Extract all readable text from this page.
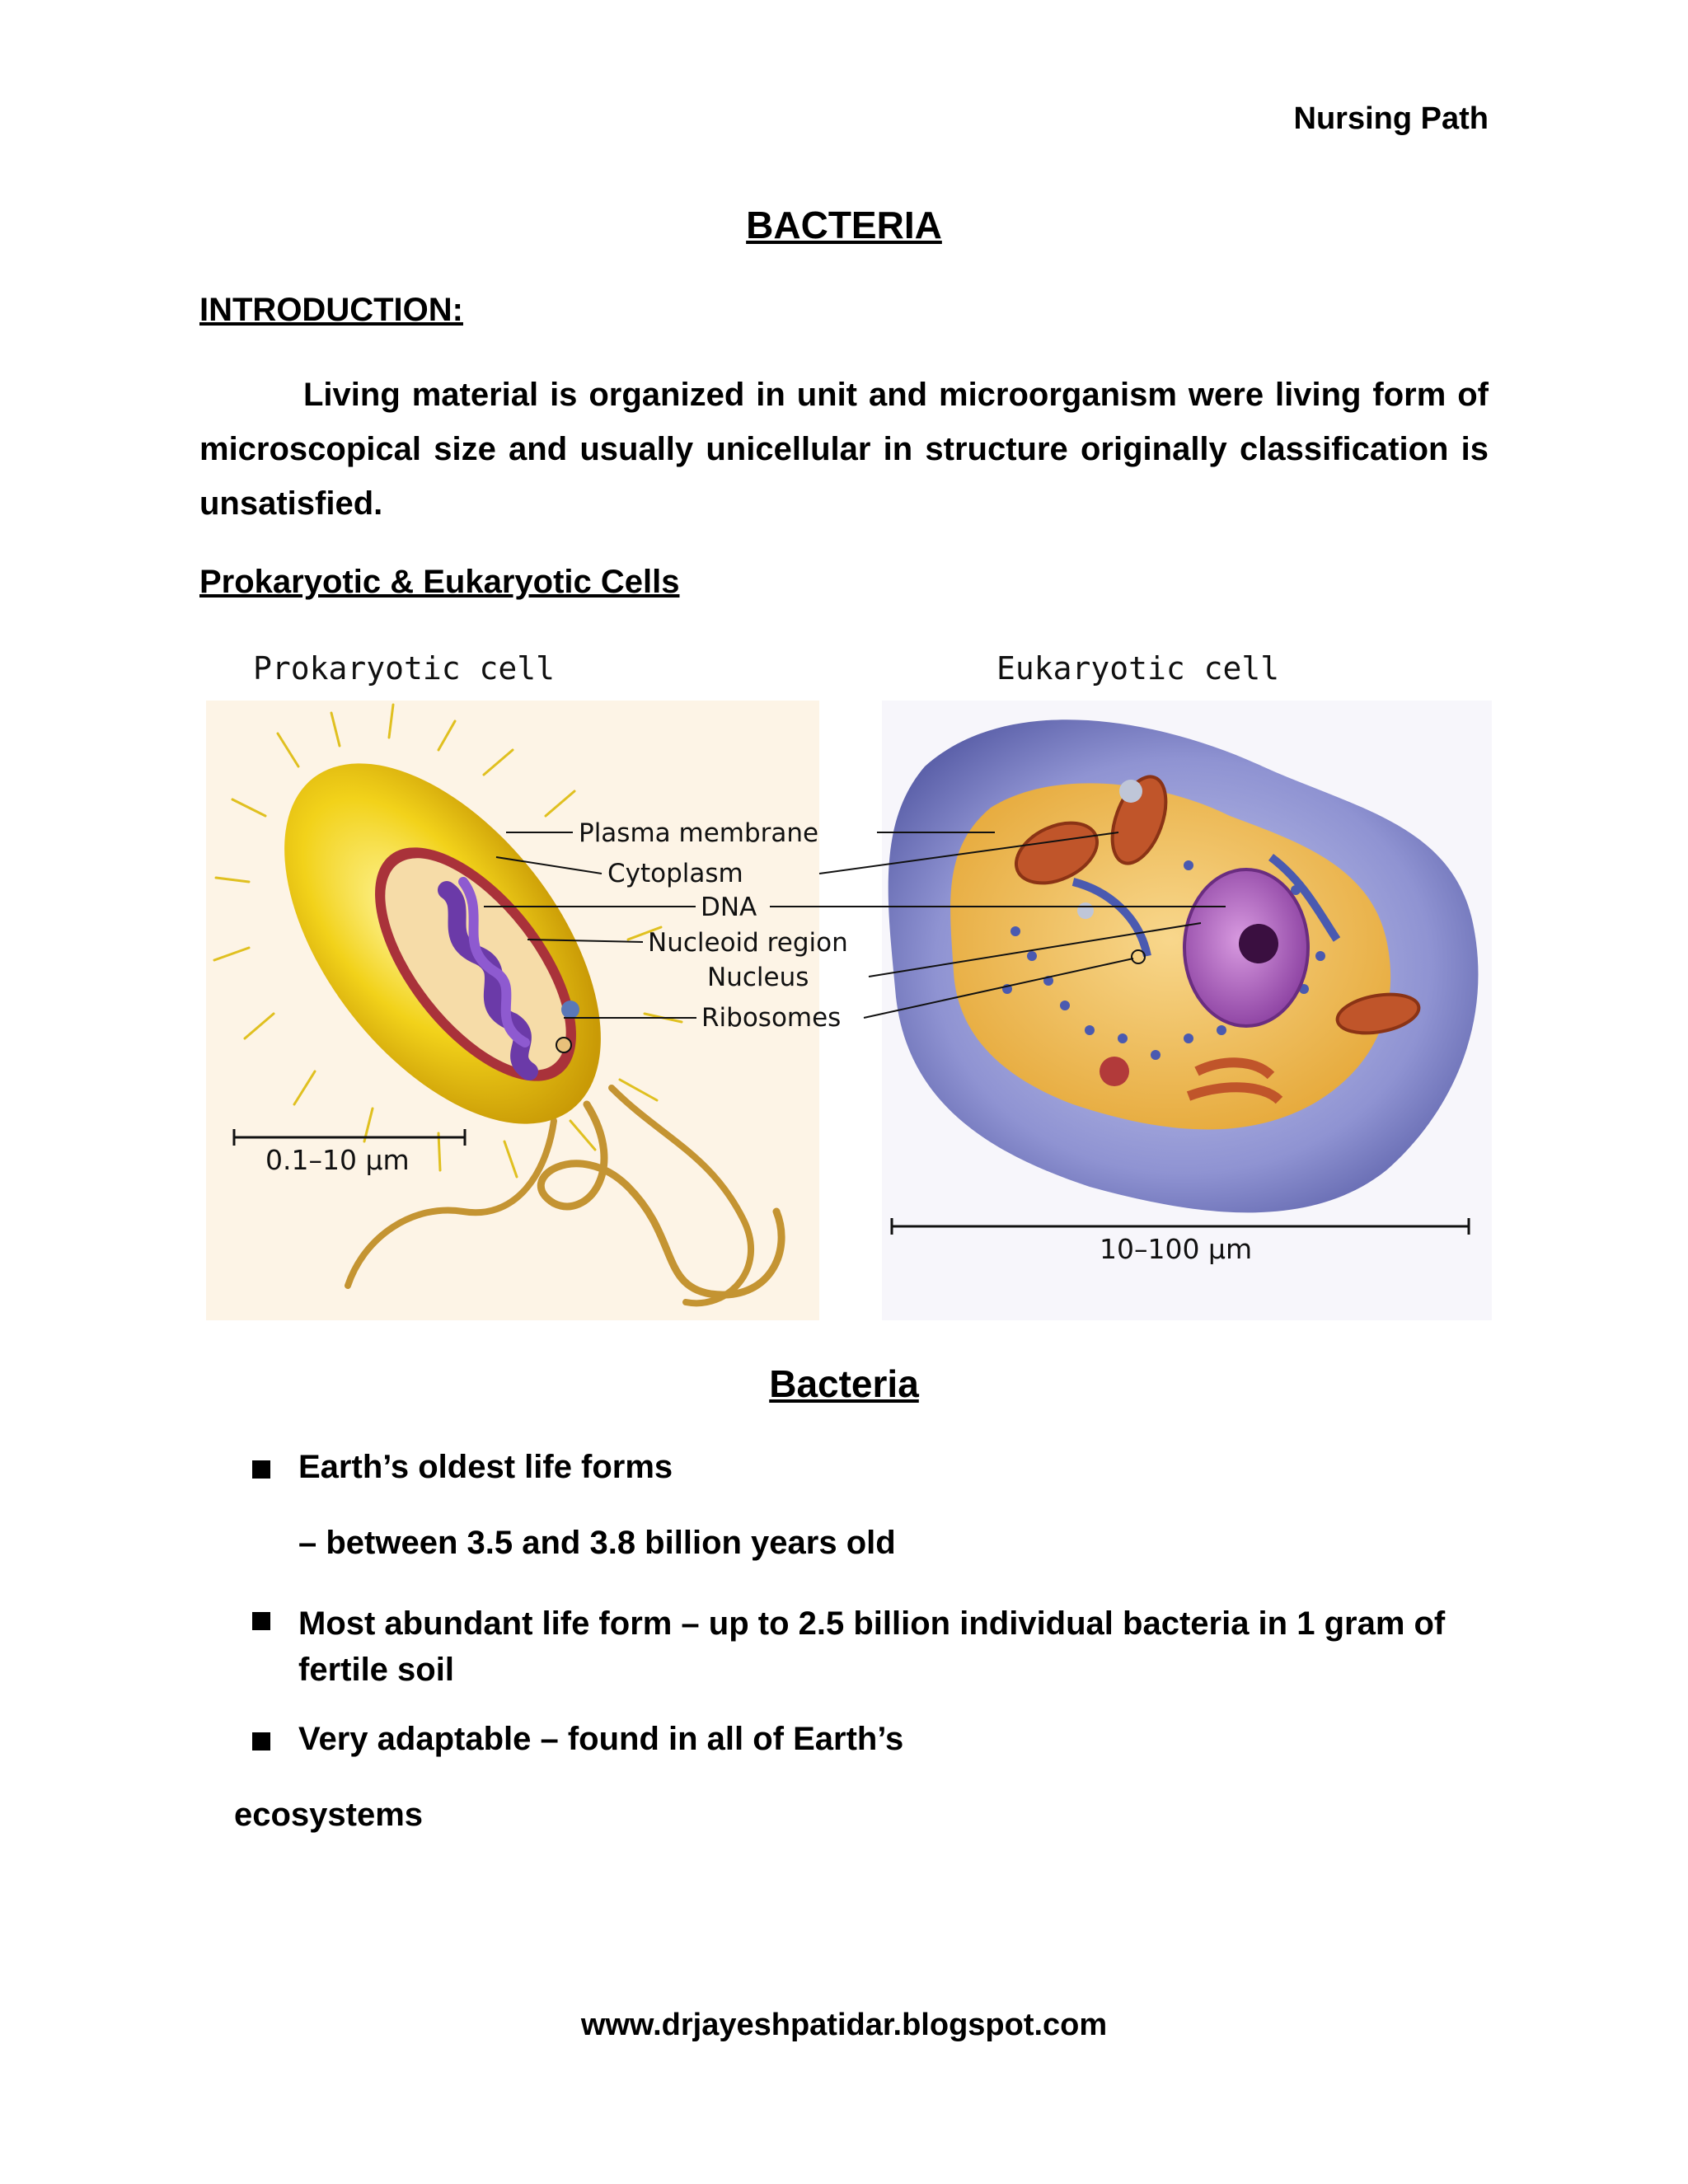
Nursing Path
BACTERIA
INTRODUCTION:
Living material is organized in unit and microorganism were living form of microscopical size and usually unicellular in structure originally classification is unsatisfied.
Prokaryotic & Eukaryotic Cells
Prokaryotic cell	Eukaryotic cell
Plasma membrane
Cytoplasm
DNA
Nucleoid region
Nucleus
Ribosomes
0.1–10 μm
10–100 μm
Bacteria
Earth’s oldest life forms
– between 3.5 and 3.8 billion years old
Most abundant life form – up to 2.5 billion individual bacteria in 1 gram of fertile soil
Very adaptable – found in all of Earth’s
ecosystems
www.drjayeshpatidar.blogspot.com
